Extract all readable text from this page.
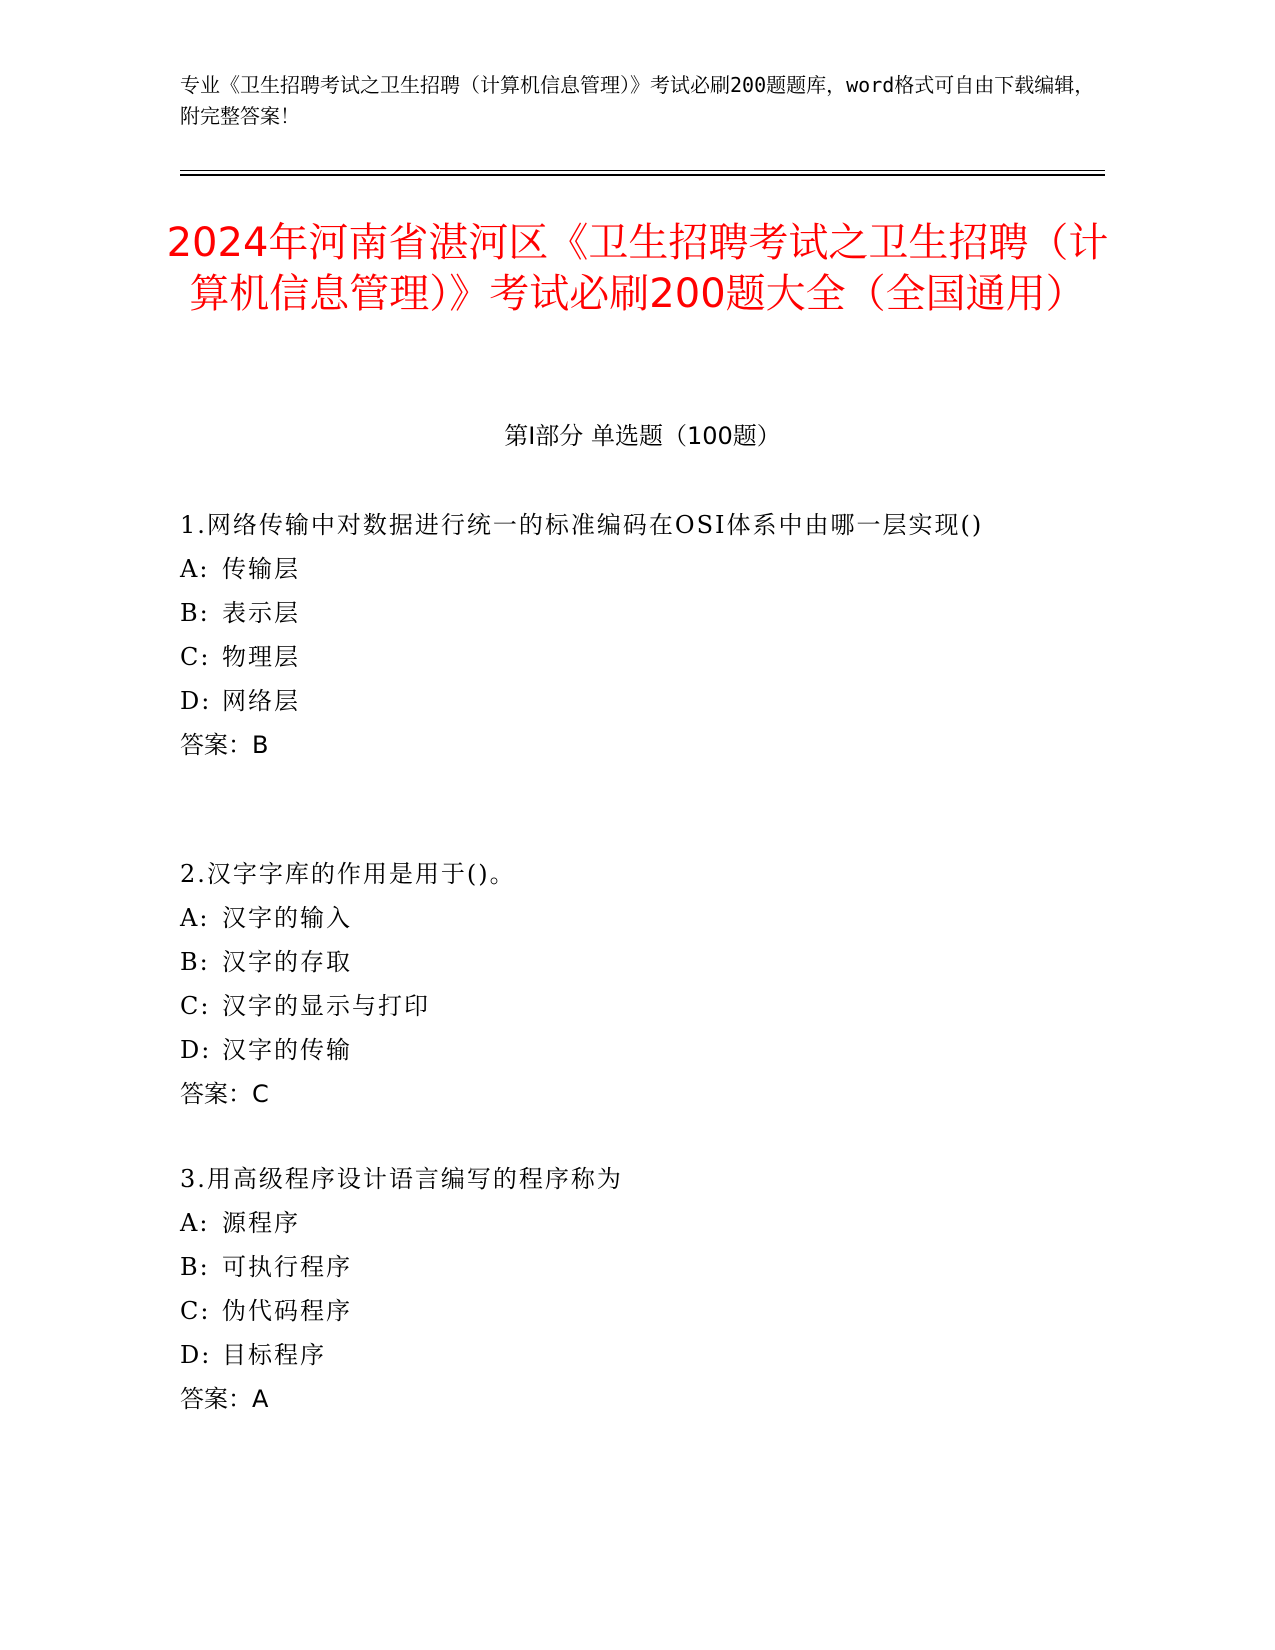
专业《卫生招聘考试之卫生招聘（计算机信息管理）》考试必刷200题题库，word格式可自由下载编辑，附完整答案！
2024年河南省湛河区《卫生招聘考试之卫生招聘（计算机信息管理）》考试必刷200题大全（全国通用）
第Ⅰ部分 单选题（100题）
1.网络传输中对数据进行统一的标准编码在OSI体系中由哪一层实现()
A: 传输层
B: 表示层
C: 物理层
D: 网络层
答案：B
2.汉字字库的作用是用于()。
A: 汉字的输入
B: 汉字的存取
C: 汉字的显示与打印
D: 汉字的传输
答案：C
3.用高级程序设计语言编写的程序称为
A: 源程序
B: 可执行程序
C: 伪代码程序
D: 目标程序
答案：A
